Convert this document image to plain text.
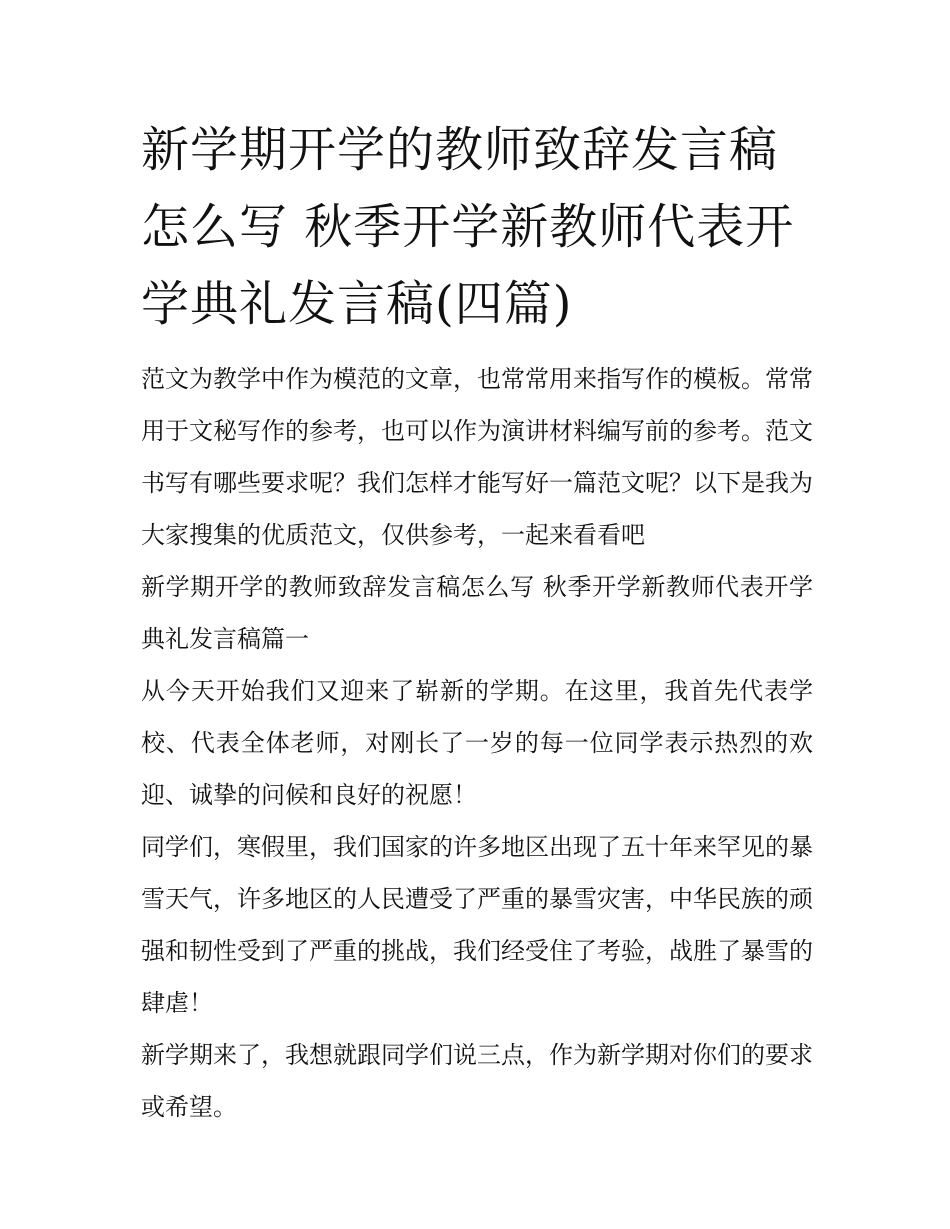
新学期开学的教师致辞发言稿怎么写 秋季开学新教师代表开学典礼发言稿(四篇)

范文为教学中作为模范的文章，也常常用来指写作的模板。常常用于文秘写作的参考，也可以作为演讲材料编写前的参考。范文书写有哪些要求呢？我们怎样才能写好一篇范文呢？以下是我为大家搜集的优质范文，仅供参考，一起来看看吧

新学期开学的教师致辞发言稿怎么写 秋季开学新教师代表开学典礼发言稿篇一

从今天开始我们又迎来了崭新的学期。在这里，我首先代表学校、代表全体老师，对刚长了一岁的每一位同学表示热烈的欢迎、诚挚的问候和良好的祝愿！

同学们，寒假里，我们国家的许多地区出现了五十年来罕见的暴雪天气，许多地区的人民遭受了严重的暴雪灾害，中华民族的顽强和韧性受到了严重的挑战，我们经受住了考验，战胜了暴雪的肆虐！

新学期来了，我想就跟同学们说三点，作为新学期对你们的要求或希望。
